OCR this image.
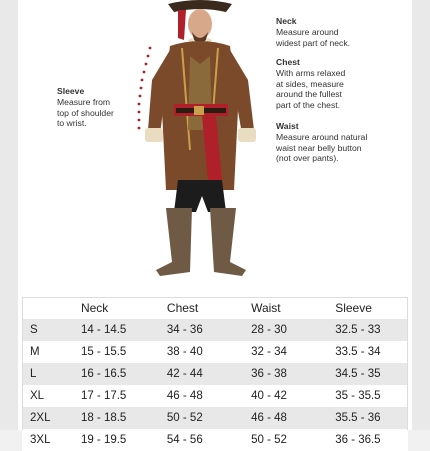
Neck
Measure around
widest part of neck.
Chest
With arms relaxed
at sides, measure
around the fullest
part of the chest.
Waist
Measure around natural
waist near belly button
(not over pants).
Sleeve
Measure from
top of shoulder
to wrist.
	Neck	Chest	Waist	Sleeve
S	14 - 14.5	34 - 36	28 - 30	32.5 - 33
M	15 - 15.5	38 - 40	32 - 34	33.5 - 34
L	16 - 16.5	42 - 44	36 - 38	34.5 - 35
XL	17 - 17.5	46 - 48	40 - 42	35 - 35.5
2XL	18 - 18.5	50 - 52	46 - 48	35.5 - 36
3XL	19 - 19.5	54 - 56	50 - 52	36 - 36.5
